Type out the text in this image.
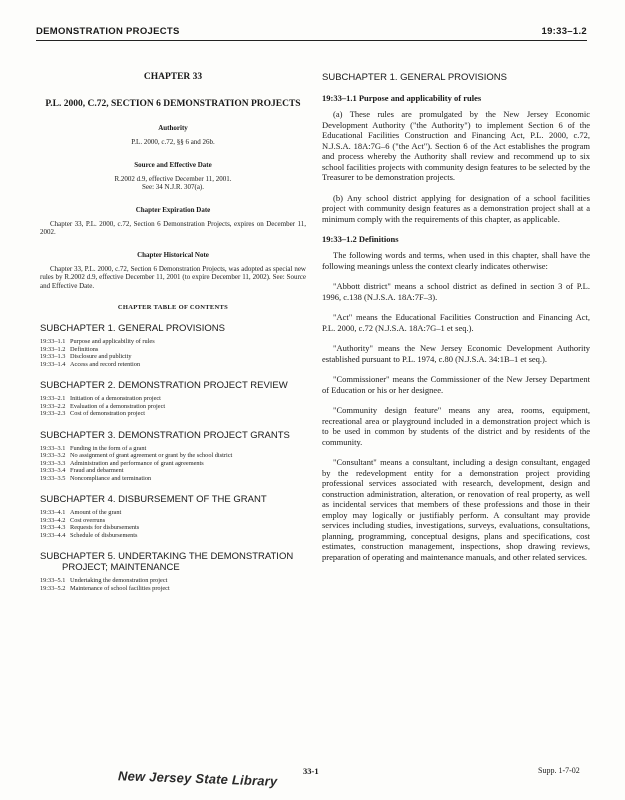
DEMONSTRATION PROJECTS	19:33–1.2

CHAPTER 33

P.L. 2000, C.72, SECTION 6 DEMONSTRATION PROJECTS

Authority

P.L. 2000, c.72, §§ 6 and 26b.

Source and Effective Date

R.2002 d.9, effective December 11, 2001.
See: 34 N.J.R. 307(a).

Chapter Expiration Date

Chapter 33, P.L. 2000, c.72, Section 6 Demonstration Projects, expires on December 11, 2002.

Chapter Historical Note

Chapter 33, P.L. 2000, c.72, Section 6 Demonstration Projects, was adopted as special new rules by R.2002 d.9, effective December 11, 2001 (to expire December 11, 2002). See: Source and Effective Date.

CHAPTER TABLE OF CONTENTS

SUBCHAPTER 1. GENERAL PROVISIONS

19:33–1.1 Purpose and applicability of rules
19:33–1.2 Definitions
19:33–1.3 Disclosure and publicity
19:33–1.4 Access and record retention

SUBCHAPTER 2. DEMONSTRATION PROJECT REVIEW

19:33–2.1 Initiation of a demonstration project
19:33–2.2 Evaluation of a demonstration project
19:33–2.3 Cost of demonstration project

SUBCHAPTER 3. DEMONSTRATION PROJECT GRANTS

19:33–3.1 Funding in the form of a grant
19:33–3.2 No assignment of grant agreement or grant by the school district
19:33–3.3 Administration and performance of grant agreements
19:33–3.4 Fraud and debarment
19:33–3.5 Noncompliance and termination

SUBCHAPTER 4. DISBURSEMENT OF THE GRANT

19:33–4.1 Amount of the grant
19:33–4.2 Cost overruns
19:33–4.3 Requests for disbursements
19:33–4.4 Schedule of disbursements

SUBCHAPTER 5. UNDERTAKING THE DEMONSTRATION PROJECT; MAINTENANCE

19:33–5.1 Undertaking the demonstration project
19:33–5.2 Maintenance of school facilities project

SUBCHAPTER 1. GENERAL PROVISIONS

19:33–1.1 Purpose and applicability of rules

(a) These rules are promulgated by the New Jersey Economic Development Authority ("the Authority") to implement Section 6 of the Educational Facilities Construction and Financing Act, P.L. 2000, c.72, N.J.S.A. 18A:7G–6 ("the Act"). Section 6 of the Act establishes the program and process whereby the Authority shall review and recommend up to six school facilities projects with community design features to be selected by the Treasurer to be demonstration projects.

(b) Any school district applying for designation of a school facilities project with community design features as a demonstration project shall at a minimum comply with the requirements of this chapter, as applicable.

19:33–1.2 Definitions

The following words and terms, when used in this chapter, shall have the following meanings unless the context clearly indicates otherwise:

"Abbott district" means a school district as defined in section 3 of P.L. 1996, c.138 (N.J.S.A. 18A:7F–3).

"Act" means the Educational Facilities Construction and Financing Act, P.L. 2000, c.72 (N.J.S.A. 18A:7G–1 et seq.).

"Authority" means the New Jersey Economic Development Authority established pursuant to P.L. 1974, c.80 (N.J.S.A. 34:1B–1 et seq.).

"Commissioner" means the Commissioner of the New Jersey Department of Education or his or her designee.

"Community design feature" means any area, rooms, equipment, recreational area or playground included in a demonstration project which is to be used in common by students of the district and by residents of the community.

"Consultant" means a consultant, including a design consultant, engaged by the redevelopment entity for a demonstration project providing professional services associated with research, development, design and construction administration, alteration, or renovation of real property, as well as incidental services that members of these professions and those in their employ may logically or justifiably perform. A consultant may provide services including studies, investigations, surveys, evaluations, consultations, planning, programming, conceptual designs, plans and specifications, cost estimates, construction management, inspections, shop drawing reviews, preparation of operating and maintenance manuals, and other related services.

33-1	Supp. 1-7-02
New Jersey State Library
